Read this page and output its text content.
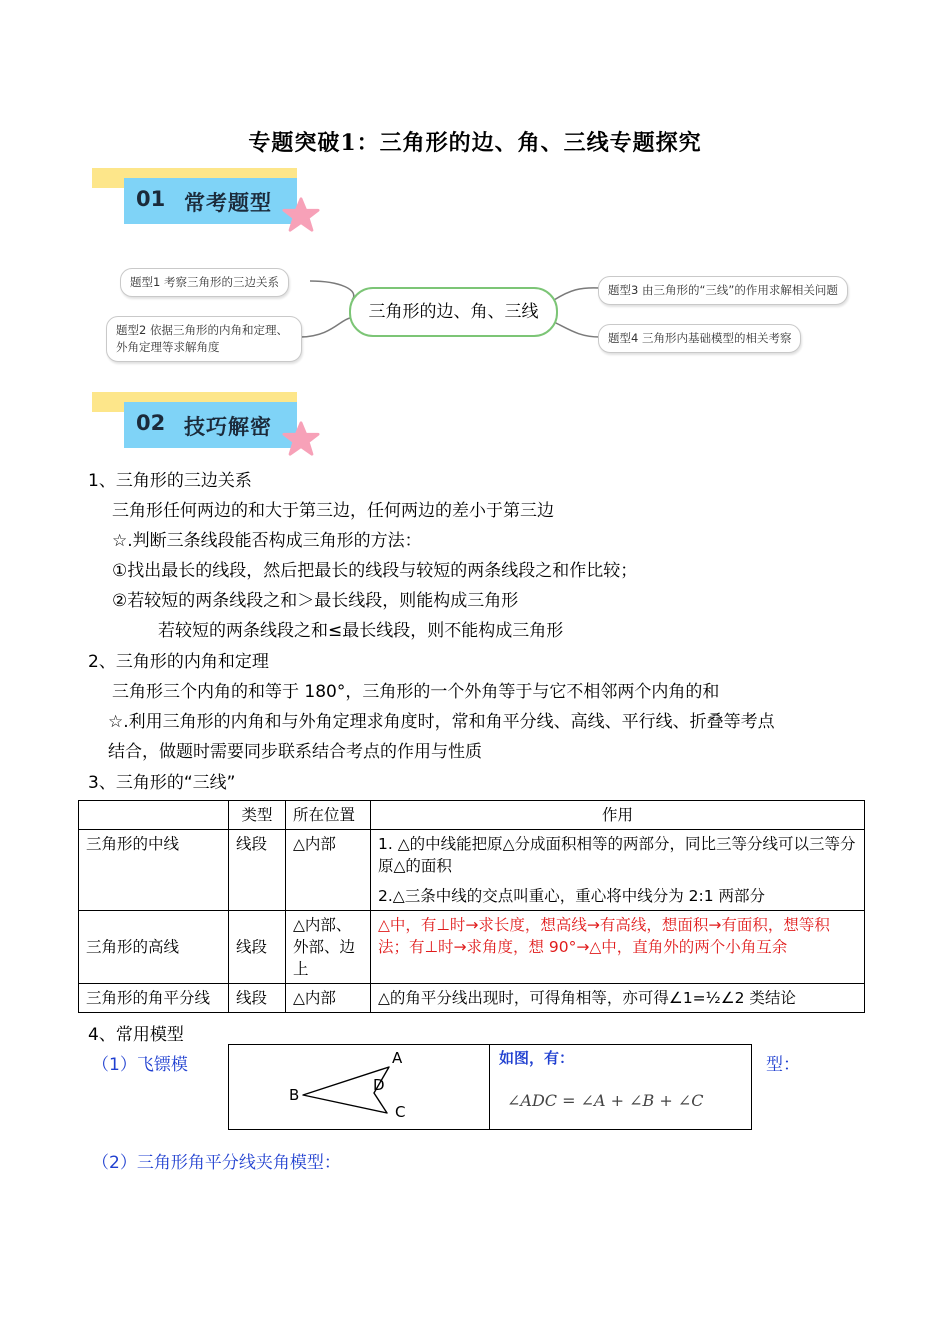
专题突破1：三角形的边、角、三线专题探究
01 常考题型
三角形的边、角、三线
题型1 考察三角形的三边关系
题型2 依据三角形的内角和定理、外角定理等求解角度
题型3 由三角形的“三线”的作用求解相关问题
题型4 三角形内基础模型的相关考察
02 技巧解密
1、三角形的三边关系
三角形任何两边的和大于第三边，任何两边的差小于第三边
☆.判断三条线段能否构成三角形的方法：
①找出最长的线段，然后把最长的线段与较短的两条线段之和作比较；
②若较短的两条线段之和＞最长线段，则能构成三角形
若较短的两条线段之和≤最长线段，则不能构成三角形
2、三角形的内角和定理
三角形三个内角的和等于 180°，三角形的一个外角等于与它不相邻两个内角的和
☆.利用三角形的内角和与外角定理求角度时，常和角平分线、高线、平行线、折叠等考点
结合，做题时需要同步联系结合考点的作用与性质
3、三角形的“三线”
	类型	所在位置	作用
三角形的中线	线段	△内部	1. △的中线能把原△分成面积相等的两部分，同比三等分线可以三等分原△的面积
2.△三条中线的交点叫重心，重心将中线分为 2:1 两部分

三角形的高线	线段	△内部、外部、边上	△中，有⊥时→求长度，想高线→有高线，想面积→有面积，想等积法；有⊥时→求角度，想 90°→△中，直角外的两个小角互余
三角形的角平分线	线段	△内部	△的角平分线出现时，可得角相等，亦可得∠1=½∠2 类结论
4、常用模型
（1）飞镖模	A
B
D
C
如图，有：
∠ADC = ∠A + ∠B + ∠C
型：
（2）三角形角平分线夹角模型：
